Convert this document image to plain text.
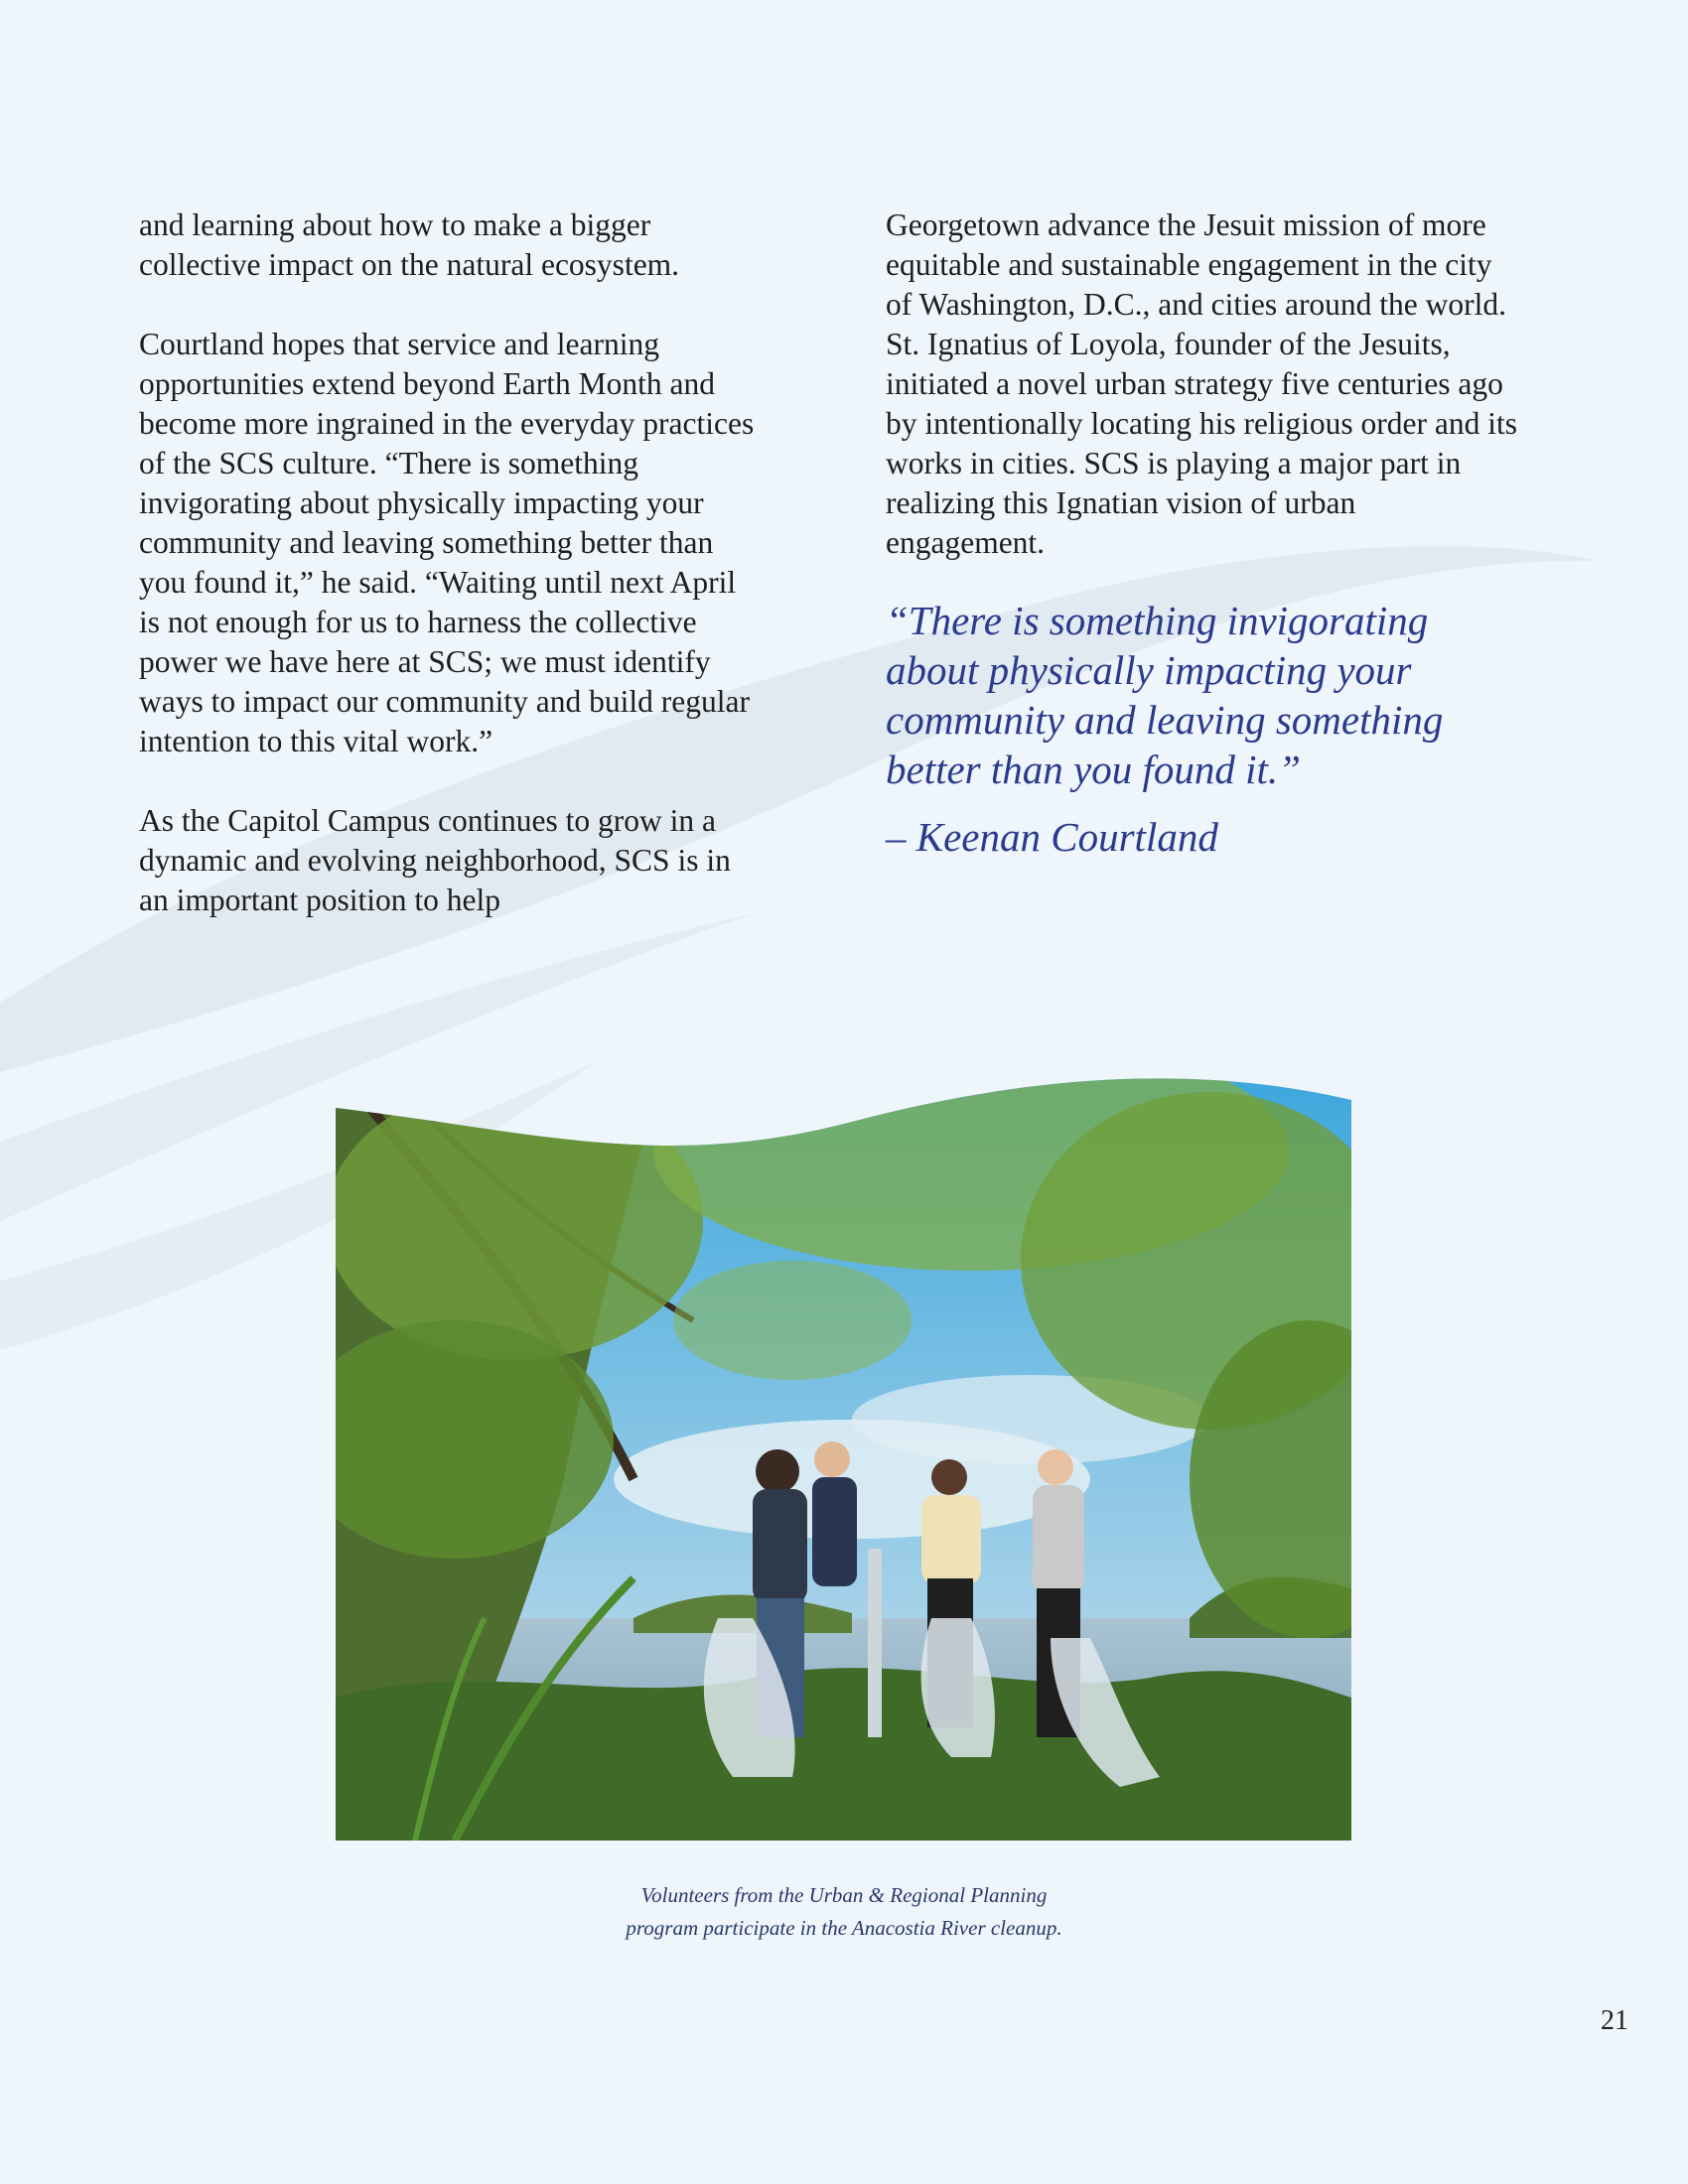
and learning about how to make a bigger collective impact on the natural ecosystem.

Courtland hopes that service and learning opportunities extend beyond Earth Month and become more ingrained in the everyday practices of the SCS culture. “There is something invigorating about physically impacting your community and leaving something better than you found it,” he said. “Waiting until next April is not enough for us to harness the collective power we have here at SCS; we must identify ways to impact our community and build regular intention to this vital work.”

As the Capitol Campus continues to grow in a dynamic and evolving neighborhood, SCS is in an important position to help

Georgetown advance the Jesuit mission of more equitable and sustainable engagement in the city of Washington, D.C., and cities around the world. St. Ignatius of Loyola, founder of the Jesuits, initiated a novel urban strategy five centuries ago by intentionally locating his religious order and its works in cities. SCS is playing a major part in realizing this Ignatian vision of urban engagement.

“There is something invigorating about physically impacting your community and leaving something better than you found it.”

– Keenan Courtland
Volunteers from the Urban & Regional Planning
program participate in the Anacostia River cleanup.
21
